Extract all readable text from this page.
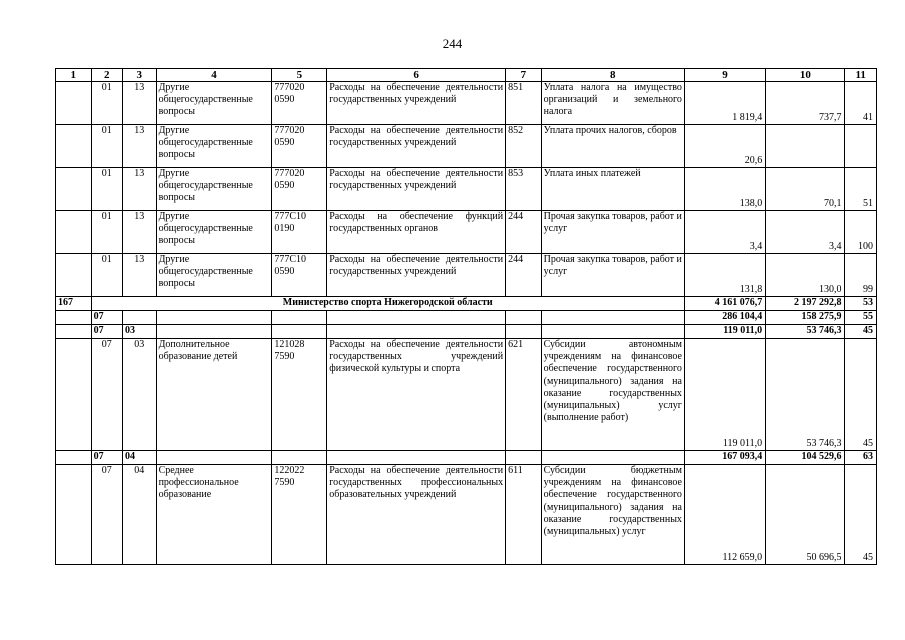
244
1	2	3	4	5	6	7	8	9	10	11
	01	13	Другие общегосударственные вопросы	777020 0590	Расходы на обеспечение деятельности государственных учреждений	851	Уплата налога на имущество организаций и земельного налога	1 819,4	737,7	41
	01	13	Другие общегосударственные вопросы	777020 0590	Расходы на обеспечение деятельности государственных учреждений	852	Уплата прочих налогов, сборов	20,6		
	01	13	Другие общегосударственные вопросы	777020 0590	Расходы на обеспечение деятельности государственных учреждений	853	Уплата иных платежей	138,0	70,1	51
	01	13	Другие общегосударственные вопросы	777C10 0190	Расходы на обеспечение функций государственных органов	244	Прочая закупка товаров, работ и услуг	3,4	3,4	100
	01	13	Другие общегосударственные вопросы	777C10 0590	Расходы на обеспечение деятельности государственных учреждений	244	Прочая закупка товаров, работ и услуг	131,8	130,0	99
167	Министерство спорта Нижегородской области							4 161 076,7	2 197 292,8	53
	07							286 104,4	158 275,9	55
	07	03						119 011,0	53 746,3	45
	07	03	Дополнительное образование детей	121028 7590	Расходы на обеспечение деятельности государственных учреждений физической культуры и спорта	621	Субсидии автономным учреждениям на финансовое обеспечение государственного (муниципального) задания на оказание государственных (муниципальных) услуг (выполнение работ)	119 011,0	53 746,3	45
	07	04						167 093,4	104 529,6	63
	07	04	Среднее профессиональное образование	122022 7590	Расходы на обеспечение деятельности государственных профессиональных образовательных учреждений	611	Субсидии бюджетным учреждениям на финансовое обеспечение государственного (муниципального) задания на оказание государственных (муниципальных) услуг	112 659,0	50 696,5	45
